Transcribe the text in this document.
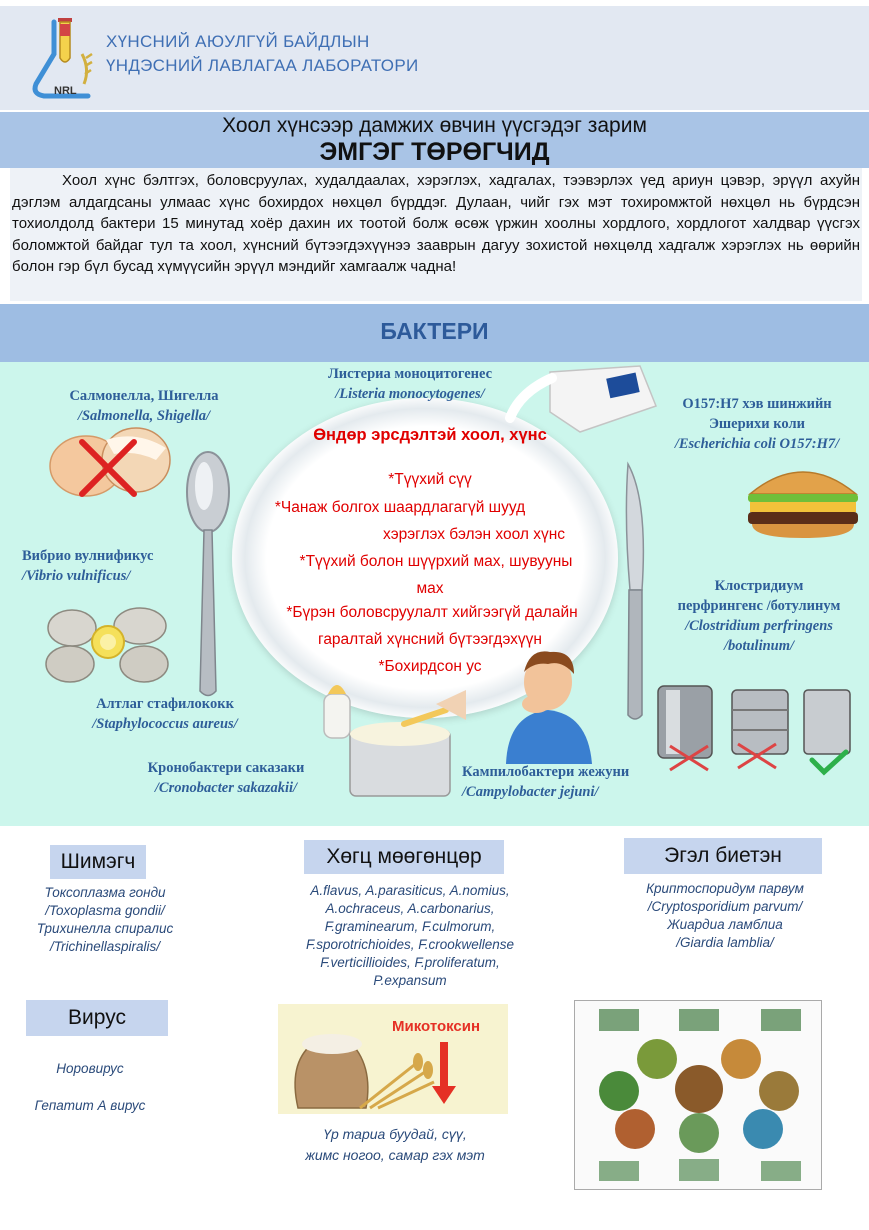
NRL
ХҮНСНИЙ АЮУЛГҮЙ БАЙДЛЫН
ҮНДЭСНИЙ ЛАВЛАГАА ЛАБОРАТОРИ
Хоол хүнсээр дамжих өвчин үүсгэдэг зарим
ЭМГЭГ ТӨРӨГЧИД
Хоол хүнс бэлтгэх, боловсруулах, худалдаалах, хэрэглэх, хадгалах, тээвэрлэх үед ариун цэвэр, эрүүл ахуйн дэглэм алдагдсаны улмаас хүнс бохирдох нөхцөл бүрддэг. Дулаан, чийг гэх мэт тохиромжтой нөхцөл нь бүрдсэн тохиолдолд бактери 15 минутад хоёр дахин их тоотой болж өсөж үржин хоолны хордлого, хордлогот халдвар үүсгэх боломжтой байдаг тул та хоол, хүнсний бүтээгдэхүүнээ зааврын дагуу зохистой нөхцөлд хадгалж хэрэглэх нь өөрийн болон гэр бүл бусад хүмүүсийн эрүүл мэндийг хамгаалж чадна!
БАКТЕРИ
Салмонелла, Шигелла
/Salmonella, Shigella/
Листериа моноцитогенес
/Listeria monocytogenes/
O157:H7 хэв шинжийн
Эшерихи коли
/Escherichia coli O157:H7/
Вибрио вулнификус
/Vibrio vulnificus/
Клостридиум
перфрингенс /ботулинум
/Clostridium perfringens
/botulinum/
Алтлаг стафилококк
/Staphylococcus aureus/
Кронобактери сaказаки
/Cronobacter sakazakii/
Кампилобактери жежуни
/Campylobacter jejuni/
Өндөр эрсдэлтэй хоол, хүнс
*Түүхий сүү
*Чанаж болгох шаардлагагүй шууд
хэрэглэх бэлэн хоол хүнс
*Түүхий болон шүүрхий мах, шувууны
мах
*Бүрэн боловсруулалт хийгээгүй далайн
гаралтай хүнсний бүтээгдэхүүн
*Бохирдсон ус
Шимэгч
Токсоплазма гонди
/Toxoplasma gondii/
Трихинелла спиралис
/Trichinellaspiralis/
Хөгц мөөгөнцөр
A.flavus, A.parasiticus, A.nomius,
A.ochraceus, A.carbonarius,
F.graminearum, F.culmorum,
F.sporotrichioides, F.crookwellense
F.verticillioides, F.proliferatum,
P.expansum
Эгэл биетэн
Криптоспоридум парвум
/Cryptosporidium parvum/
Жиардиа ламблиа
/Giardia lamblia/
Вирус
Норовирус
Гепатит А вирус
Микотоксин
Үр тариа буудай, сүү,
жимс ногоо, самар гэх мэт
